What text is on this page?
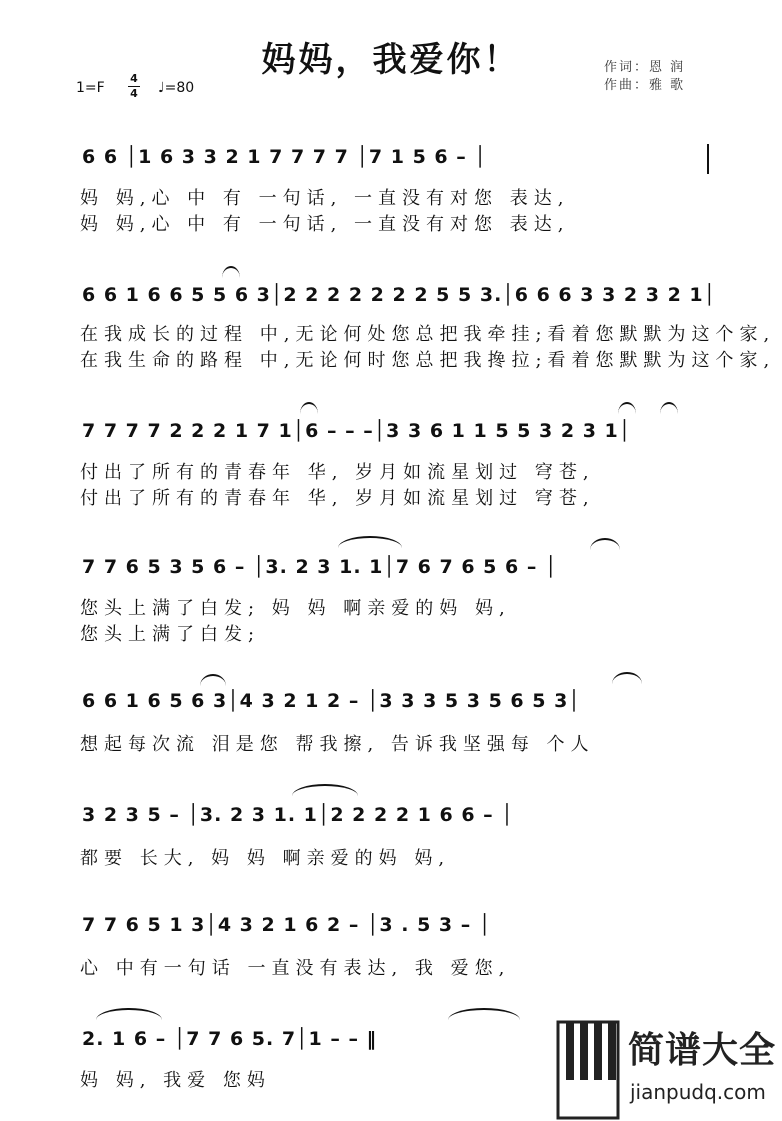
妈妈，我爱你！	作词：恩 润
作曲：雅 歌
1=F
4
4 ♩=80
6 6 │1 6 3 3 2 1 7 7 7 7 │7 1 5 6 – │
妈 妈,心 中 有 一句话, 一直没有对您 表达,
妈 妈,心 中 有 一句话, 一直没有对您 表达,
6 6 1 6 6 5 5 6 3│2 2 2 2 2 2 2 5 5 3.│6 6 6 3 3 2 3 2 1│
在我成长的过程 中,无论何处您总把我牵挂;看着您默默为这个家,
在我生命的路程 中,无论何时您总把我搀拉;看着您默默为这个家,
7 7 7 7 2 2 2 1 7 1│6 – – –│3 3 6 1 1 5 5 3 2 3 1│
付出了所有的青春年 华, 岁月如流星划过 穹苍,
付出了所有的青春年 华, 岁月如流星划过 穹苍,
7 7 6 5 3 5 6 – │3. 2 3 1. 1│7 6 7 6 5 6 – │
您头上满了白发; 妈 妈 啊亲爱的妈 妈,
您头上满了白发;
6 6 1 6 5 6 3│4 3 2 1 2 – │3 3 3 5 3 5 6 5 3│
想起每次流 泪是您 帮我擦, 告诉我坚强每 个人
3 2 3 5 – │3. 2 3 1. 1│2 2 2 2 1 6 6 – │
都要 长大, 妈 妈 啊亲爱的妈 妈,
7 7 6 5 1 3│4 3 2 1 6 2 – │3 . 5 3 – │
心 中有一句话 一直没有表达, 我 爱您,
2. 1 6 – │7 7 6 5. 7│1 – – ‖
妈 妈, 我爱 您妈
简谱大全
jianpudq.com
